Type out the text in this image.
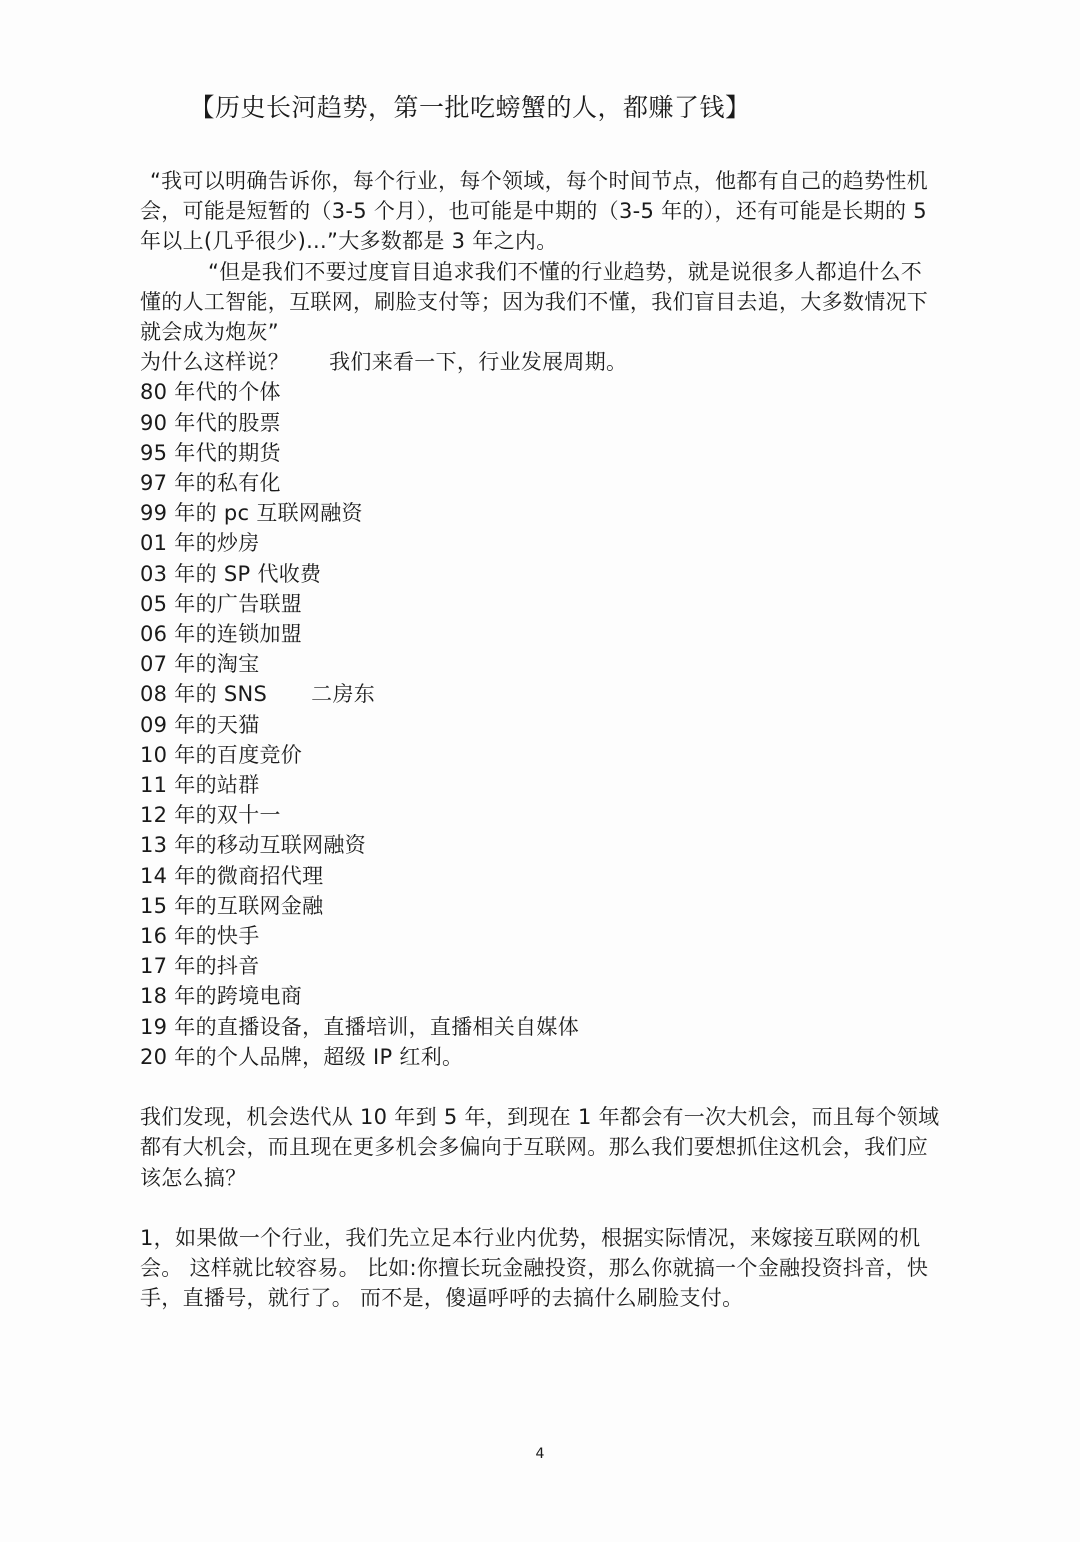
【历史长河趋势，第一批吃螃蟹的人，都赚了钱】

“我可以明确告诉你，每个行业，每个领域，每个时间节点，他都有自己的趋势性机会，可能是短暂的（3-5 个月），也可能是中期的（3-5 年的），还有可能是长期的 5 年以上(几乎很少)...”大多数都是 3 年之内。

“但是我们不要过度盲目追求我们不懂的行业趋势，就是说很多人都追什么不懂的人工智能，互联网，刷脸支付等；因为我们不懂，我们盲目去追，大多数情况下就会成为炮灰”

为什么这样说？ 我们来看一下，行业发展周期。

80 年代的个体
90 年代的股票
95 年代的期货
97 年的私有化
99 年的 pc 互联网融资
01 年的炒房
03 年的 SP 代收费
05 年的广告联盟
06 年的连锁加盟
07 年的淘宝
08 年的 SNS 二房东
09 年的天猫
10 年的百度竞价
11 年的站群
12 年的双十一
13 年的移动互联网融资
14 年的微商招代理
15 年的互联网金融
16 年的快手
17 年的抖音
18 年的跨境电商
19 年的直播设备，直播培训，直播相关自媒体
20 年的个人品牌，超级 IP 红利。

我们发现，机会迭代从 10 年到 5 年，到现在 1 年都会有一次大机会，而且每个领域都有大机会，而且现在更多机会多偏向于互联网。那么我们要想抓住这机会，我们应该怎么搞？

1，如果做一个行业，我们先立足本行业内优势，根据实际情况，来嫁接互联网的机会。 这样就比较容易。 比如:你擅长玩金融投资，那么你就搞一个金融投资抖音，快手，直播号，就行了。 而不是，傻逼呼呼的去搞什么刷脸支付。

4
